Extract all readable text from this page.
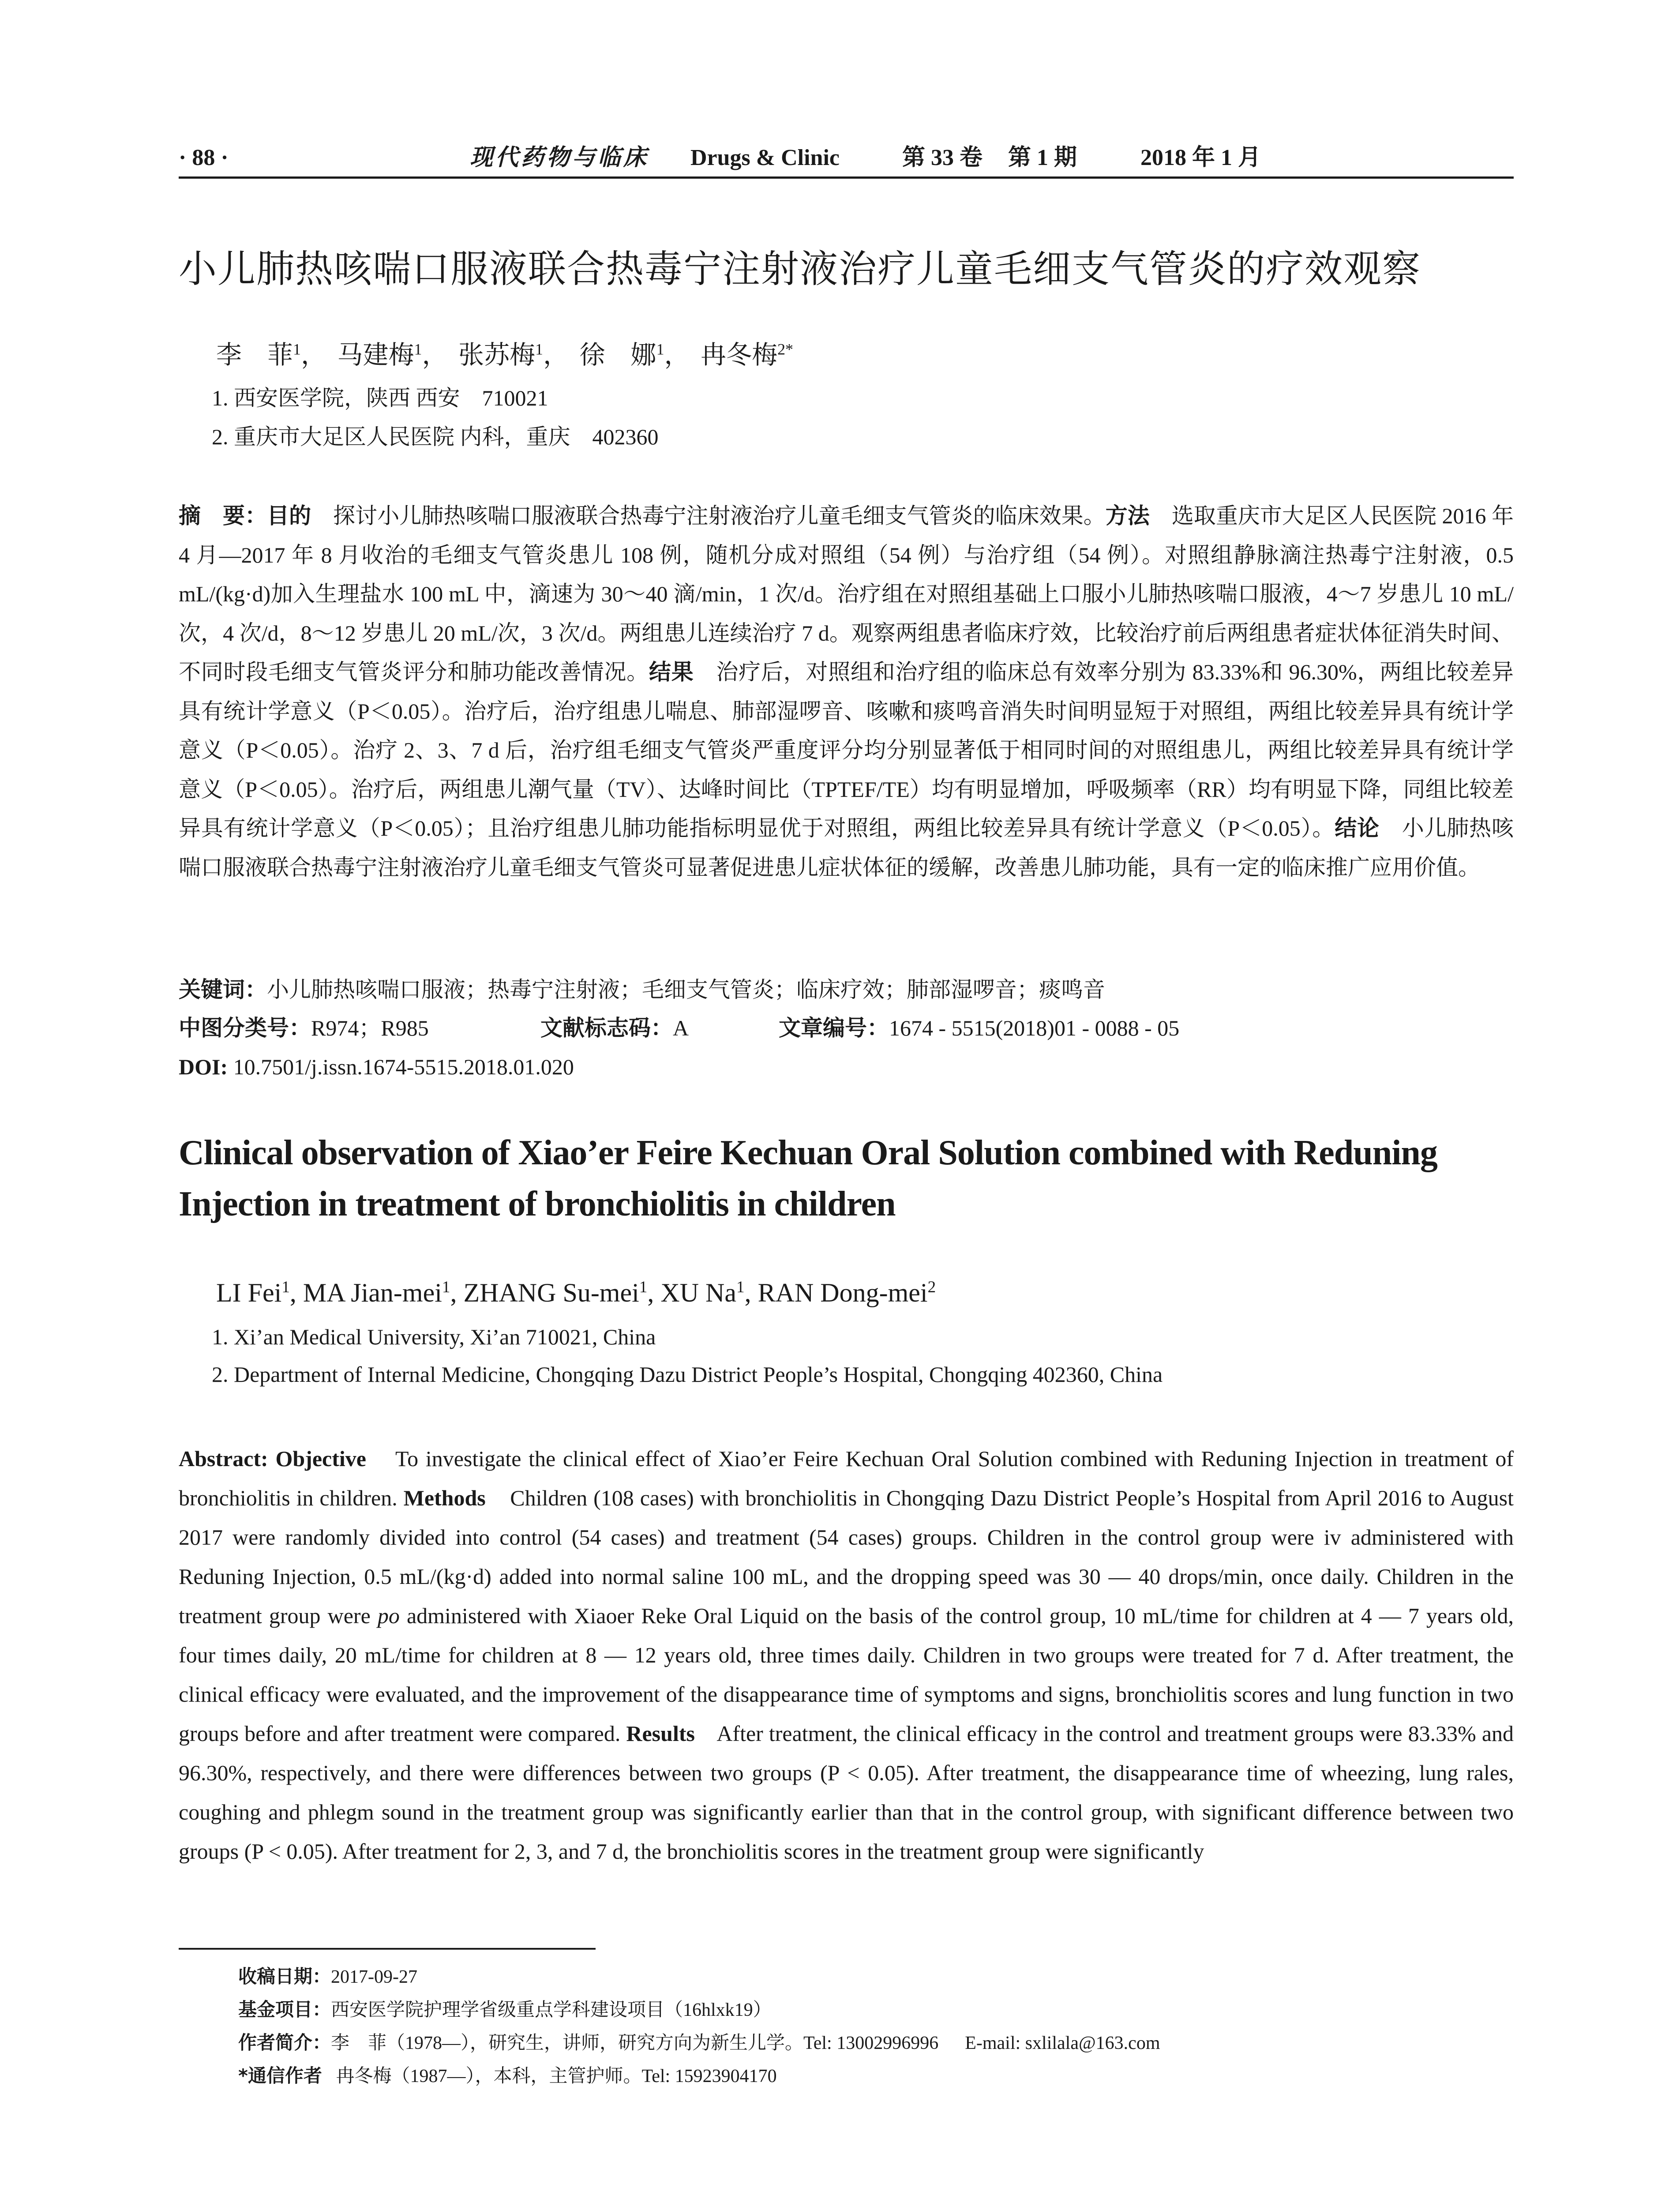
· 88 ·	现代药物与临床 Drugs & Clinic	第 33 卷 第 1 期	2018 年 1 月
小儿肺热咳喘口服液联合热毒宁注射液治疗儿童毛细支气管炎的疗效观察
李　菲$^1$， 马建梅$^1$， 张苏梅$^1$， 徐　娜$^1$， 冉冬梅$^{2*}$
1. 西安医学院，陕西 西安　710021
2. 重庆市大足区人民医院 内科，重庆　402360
摘　要：目的　 探讨小儿肺热咳喘口服液联合热毒宁注射液治疗儿童毛细支气管炎的临床效果。方法　 选取重庆市大足区人民医院 2016 年 4 月—2017 年 8 月收治的毛细支气管炎患儿 108 例，随机分成对照组（54 例）与治疗组（54 例）。对照组静脉滴注热毒宁注射液，0.5 mL/(kg·d)加入生理盐水 100 mL 中，滴速为 30～40 滴/min，1 次/d。治疗组在对照组基础上口服小儿肺热咳喘口服液，4～7 岁患儿 10 mL/次，4 次/d，8～12 岁患儿 20 mL/次，3 次/d。两组患儿连续治疗 7 d。观察两组患者临床疗效，比较治疗前后两组患者症状体征消失时间、不同时段毛细支气管炎评分和肺功能改善情况。结果　 治疗后，对照组和治疗组的临床总有效率分别为 83.33%和 96.30%，两组比较差异具有统计学意义（P＜0.05）。治疗后，治疗组患儿喘息、肺部湿啰音、咳嗽和痰鸣音消失时间明显短于对照组，两组比较差异具有统计学意义（P＜0.05）。治疗 2、3、7 d 后，治疗组毛细支气管炎严重度评分均分别显著低于相同时间的对照组患儿，两组比较差异具有统计学意义（P＜0.05）。治疗后，两组患儿潮气量（TV）、达峰时间比（TPTEF/TE）均有明显增加，呼吸频率（RR）均有明显下降，同组比较差异具有统计学意义（P＜0.05）；且治疗组患儿肺功能指标明显优于对照组，两组比较差异具有统计学意义（P＜0.05）。结论　 小儿肺热咳喘口服液联合热毒宁注射液治疗儿童毛细支气管炎可显著促进患儿症状体征的缓解，改善患儿肺功能，具有一定的临床推广应用价值。
关键词：小儿肺热咳喘口服液；热毒宁注射液；毛细支气管炎；临床疗效；肺部湿啰音；痰鸣音
中图分类号：R974；R985	文献标志码：A	文章编号：1674 - 5515(2018)01 - 0088 - 05
DOI: 10.7501/j.issn.1674-5515.2018.01.020
Clinical observation of Xiao’er Feire Kechuan Oral Solution combined with Reduning Injection in treatment of bronchiolitis in children
LI Fei$^1$, MA Jian-mei$^1$, ZHANG Su-mei$^1$, XU Na$^1$, RAN Dong-mei$^2$
1. Xi’an Medical University, Xi’an 710021, China
2. Department of Internal Medicine, Chongqing Dazu District People’s Hospital, Chongqing 402360, China
Abstract: Objective To investigate the clinical effect of Xiao’er Feire Kechuan Oral Solution combined with Reduning Injection in treatment of bronchiolitis in children. Methods Children (108 cases) with bronchiolitis in Chongqing Dazu District People’s Hospital from April 2016 to August 2017 were randomly divided into control (54 cases) and treatment (54 cases) groups. Children in the control group were iv administered with Reduning Injection, 0.5 mL/(kg·d) added into normal saline 100 mL, and the dropping speed was 30 — 40 drops/min, once daily. Children in the treatment group were po administered with Xiaoer Reke Oral Liquid on the basis of the control group, 10 mL/time for children at 4 — 7 years old, four times daily, 20 mL/time for children at 8 — 12 years old, three times daily. Children in two groups were treated for 7 d. After treatment, the clinical efficacy were evaluated, and the improvement of the disappearance time of symptoms and signs, bronchiolitis scores and lung function in two groups before and after treatment were compared. Results After treatment, the clinical efficacy in the control and treatment groups were 83.33% and 96.30%, respectively, and there were differences between two groups (P < 0.05). After treatment, the disappearance time of wheezing, lung rales, coughing and phlegm sound in the treatment group was significantly earlier than that in the control group, with significant difference between two groups (P < 0.05). After treatment for 2, 3, and 7 d, the bronchiolitis scores in the treatment group were significantly
收稿日期：2017-09-27
基金项目：西安医学院护理学省级重点学科建设项目（16hlxk19）
作者简介：李　菲（1978—），研究生，讲师，研究方向为新生儿学。Tel: 13002996996 E-mail: sxlilala@163.com
*通信作者 冉冬梅（1987—），本科，主管护师。Tel: 15923904170
